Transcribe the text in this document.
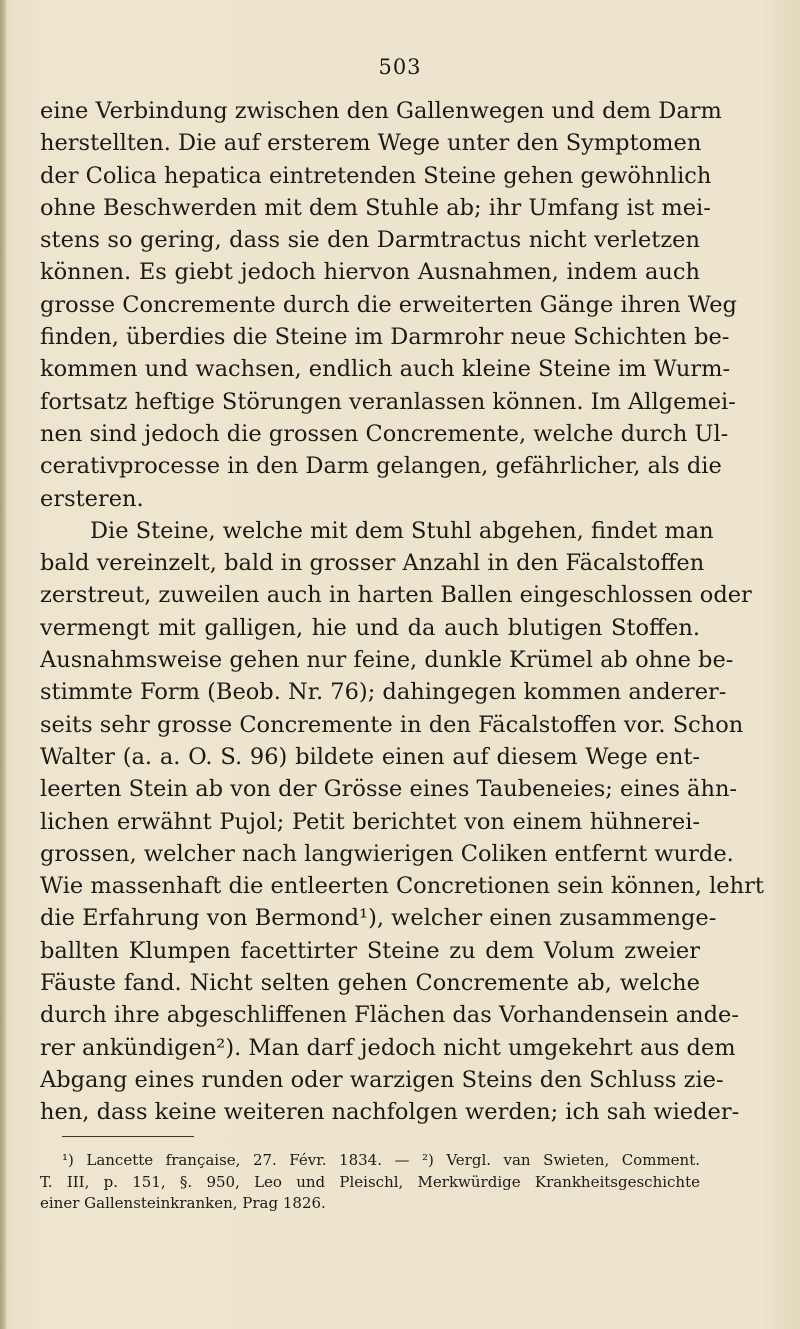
503
eine Verbindung zwischen den Gallenwegen und dem Darm
herstellten. Die auf ersterem Wege unter den Symptomen
der Colica hepatica eintretenden Steine gehen gewöhnlich
ohne Beschwerden mit dem Stuhle ab; ihr Umfang ist mei-
stens so gering, dass sie den Darmtractus nicht verletzen
können. Es giebt jedoch hiervon Ausnahmen, indem auch
grosse Concremente durch die erweiterten Gänge ihren Weg
finden, überdies die Steine im Darmrohr neue Schichten be-
kommen und wachsen, endlich auch kleine Steine im Wurm-
fortsatz heftige Störungen veranlassen können. Im Allgemei-
nen sind jedoch die grossen Concremente, welche durch Ul-
cerativprocesse in den Darm gelangen, gefährlicher, als die
ersteren.
Die Steine, welche mit dem Stuhl abgehen, findet man
bald vereinzelt, bald in grosser Anzahl in den Fäcalstoffen
zerstreut, zuweilen auch in harten Ballen eingeschlossen oder
vermengt mit galligen, hie und da auch blutigen Stoffen.
Ausnahmsweise gehen nur feine, dunkle Krümel ab ohne be-
stimmte Form (Beob. Nr. 76); dahingegen kommen anderer-
seits sehr grosse Concremente in den Fäcalstoffen vor. Schon
Walter (a. a. O. S. 96) bildete einen auf diesem Wege ent-
leerten Stein ab von der Grösse eines Taubeneies; eines ähn-
lichen erwähnt Pujol; Petit berichtet von einem hühnerei-
grossen, welcher nach langwierigen Coliken entfernt wurde.
Wie massenhaft die entleerten Concretionen sein können, lehrt
die Erfahrung von Bermond¹), welcher einen zusammenge-
ballten Klumpen facettirter Steine zu dem Volum zweier
Fäuste fand. Nicht selten gehen Concremente ab, welche
durch ihre abgeschliffenen Flächen das Vorhandensein ande-
rer ankündigen²). Man darf jedoch nicht umgekehrt aus dem
Abgang eines runden oder warzigen Steins den Schluss zie-
hen, dass keine weiteren nachfolgen werden; ich sah wieder-
¹) Lancette française, 27. Févr. 1834. — ²) Vergl. van Swieten, Comment.
T. III, p. 151, §. 950, Leo und Pleischl, Merkwürdige Krankheitsgeschichte
einer Gallensteinkranken, Prag 1826.
